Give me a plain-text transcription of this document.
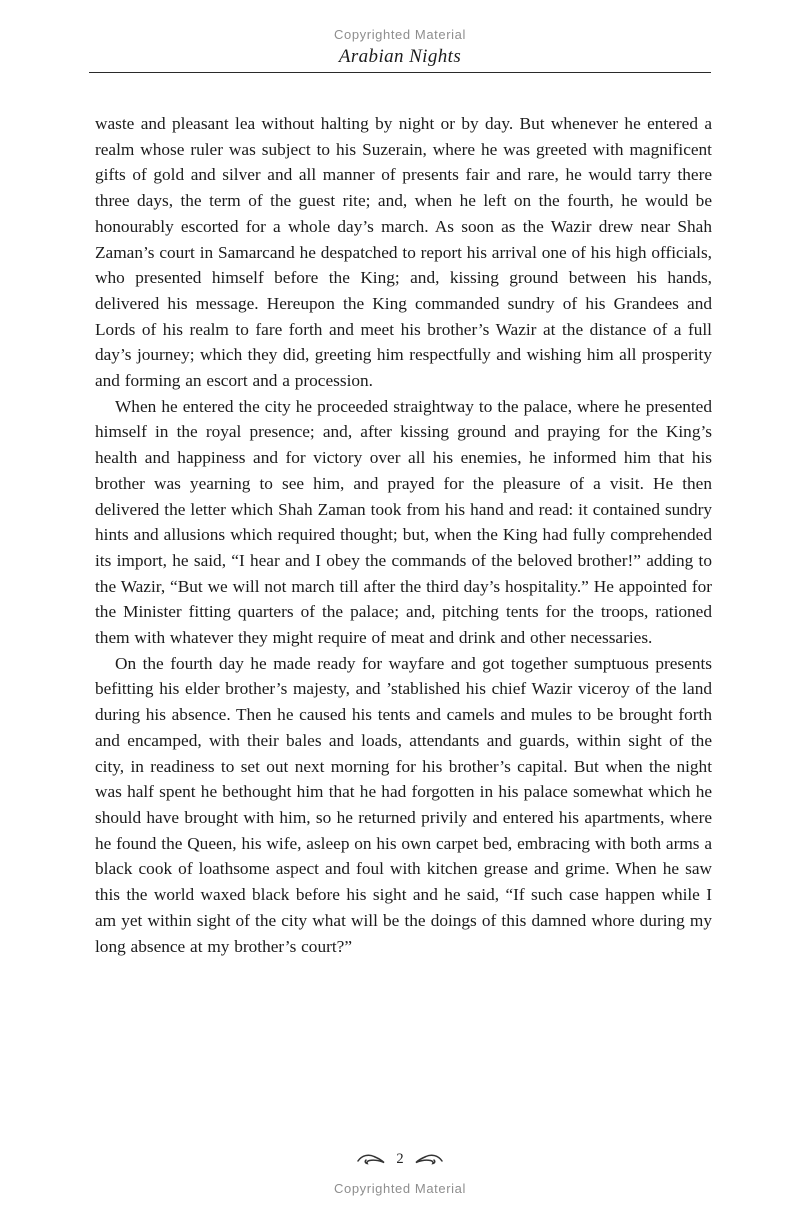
Copyrighted Material
Arabian Nights

waste and pleasant lea without halting by night or by day. But whenever he entered a realm whose ruler was subject to his Suzerain, where he was greeted with magnificent gifts of gold and silver and all manner of presents fair and rare, he would tarry there three days, the term of the guest rite; and, when he left on the fourth, he would be honourably escorted for a whole day’s march. As soon as the Wazir drew near Shah Zaman’s court in Samarcand he despatched to report his arrival one of his high officials, who presented himself before the King; and, kissing ground between his hands, delivered his message. Hereupon the King commanded sundry of his Grandees and Lords of his realm to fare forth and meet his brother’s Wazir at the distance of a full day’s journey; which they did, greeting him respectfully and wishing him all prosperity and forming an escort and a procession.

When he entered the city he proceeded straightway to the palace, where he presented himself in the royal presence; and, after kissing ground and praying for the King’s health and happiness and for victory over all his enemies, he informed him that his brother was yearning to see him, and prayed for the pleasure of a visit. He then delivered the letter which Shah Zaman took from his hand and read: it contained sundry hints and allusions which required thought; but, when the King had fully comprehended its import, he said, “I hear and I obey the commands of the beloved brother!” adding to the Wazir, “But we will not march till after the third day’s hospitality.” He appointed for the Minister fitting quarters of the palace; and, pitching tents for the troops, rationed them with whatever they might require of meat and drink and other necessaries.

On the fourth day he made ready for wayfare and got together sumptuous presents befitting his elder brother’s majesty, and ’stablished his chief Wazir viceroy of the land during his absence. Then he caused his tents and camels and mules to be brought forth and encamped, with their bales and loads, attendants and guards, within sight of the city, in readiness to set out next morning for his brother’s capital. But when the night was half spent he bethought him that he had forgotten in his palace somewhat which he should have brought with him, so he returned privily and entered his apartments, where he found the Queen, his wife, asleep on his own carpet bed, embracing with both arms a black cook of loathsome aspect and foul with kitchen grease and grime. When he saw this the world waxed black before his sight and he said, “If such case happen while I am yet within sight of the city what will be the doings of this damned whore during my long absence at my brother’s court?”

2
Copyrighted Material
